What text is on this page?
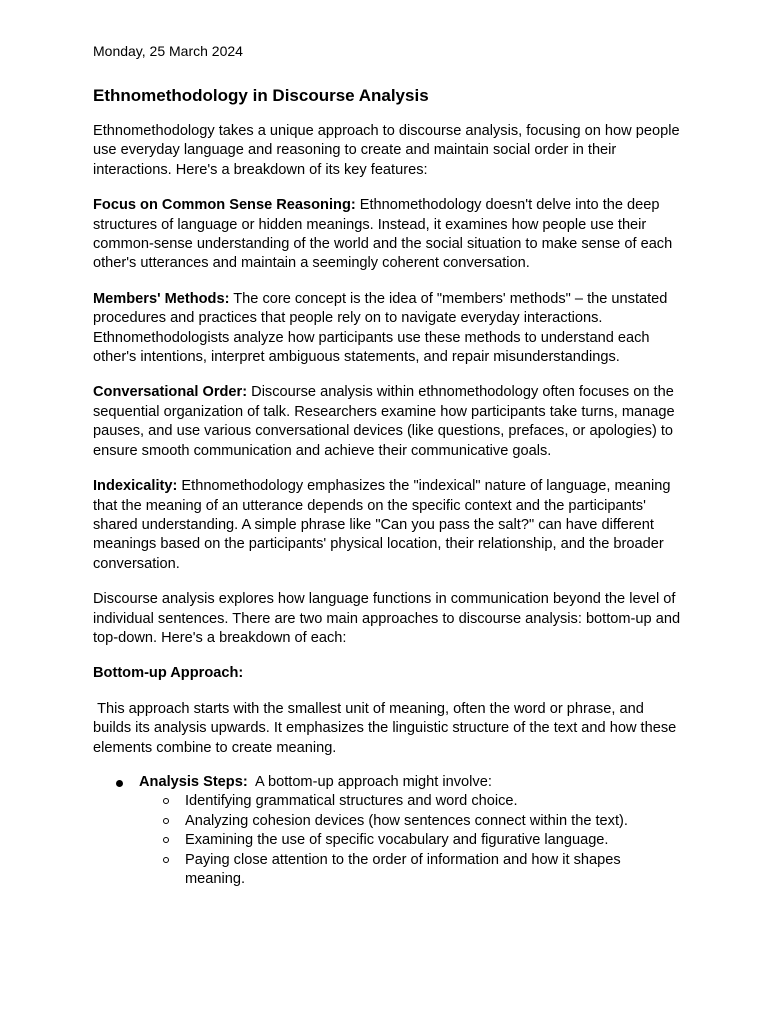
Monday, 25 March 2024

Ethnomethodology in Discourse Analysis

Ethnomethodology takes a unique approach to discourse analysis, focusing on how people use everyday language and reasoning to create and maintain social order in their interactions. Here's a breakdown of its key features:

Focus on Common Sense Reasoning: Ethnomethodology doesn't delve into the deep structures of language or hidden meanings. Instead, it examines how people use their common-sense understanding of the world and the social situation to make sense of each other's utterances and maintain a seemingly coherent conversation.

Members' Methods: The core concept is the idea of "members' methods" – the unstated procedures and practices that people rely on to navigate everyday interactions. Ethnomethodologists analyze how participants use these methods to understand each other's intentions, interpret ambiguous statements, and repair misunderstandings.

Conversational Order: Discourse analysis within ethnomethodology often focuses on the sequential organization of talk. Researchers examine how participants take turns, manage pauses, and use various conversational devices (like questions, prefaces, or apologies) to ensure smooth communication and achieve their communicative goals.

Indexicality: Ethnomethodology emphasizes the "indexical" nature of language, meaning that the meaning of an utterance depends on the specific context and the participants' shared understanding. A simple phrase like "Can you pass the salt?" can have different meanings based on the participants' physical location, their relationship, and the broader conversation.

Discourse analysis explores how language functions in communication beyond the level of individual sentences. There are two main approaches to discourse analysis: bottom-up and top-down. Here's a breakdown of each:

Bottom-up Approach:

This approach starts with the smallest unit of meaning, often the word or phrase, and builds its analysis upwards. It emphasizes the linguistic structure of the text and how these elements combine to create meaning.

Analysis Steps:  A bottom-up approach might involve:
Identifying grammatical structures and word choice.
Analyzing cohesion devices (how sentences connect within the text).
Examining the use of specific vocabulary and figurative language.
Paying close attention to the order of information and how it shapes meaning.
